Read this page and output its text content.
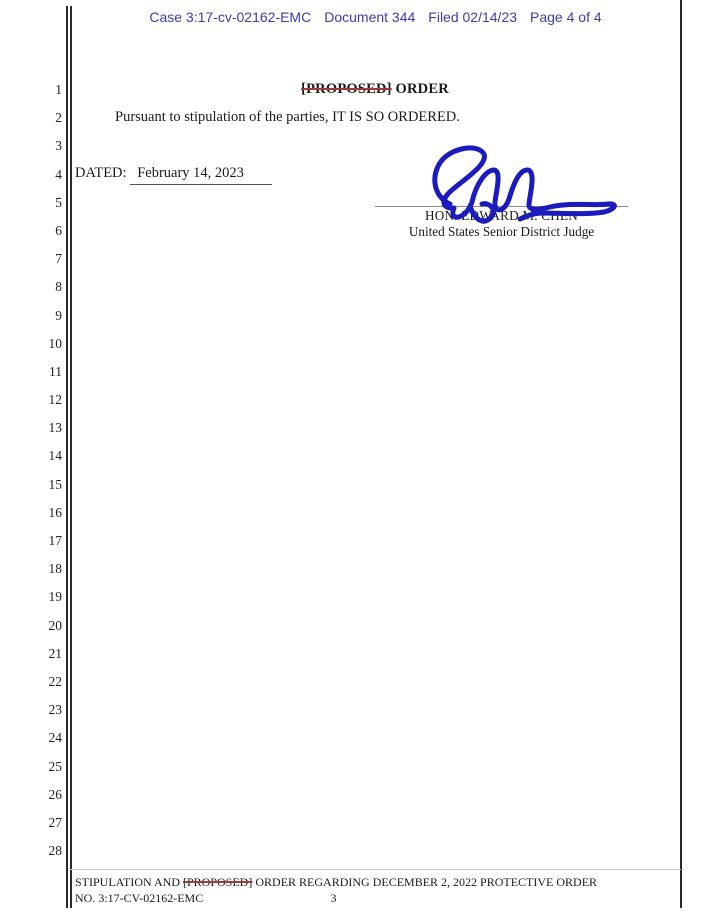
Case 3:17-cv-02162-EMC Document 344 Filed 02/14/23 Page 4 of 4
1
2
3
4
5
6
7
8
9
10
11
12
13
14
15
16
17
18
19
20
21
22
23
24
25
26
27
28
[PROPOSED] ORDER
Pursuant to stipulation of the parties, IT IS SO ORDERED.
DATED: February 14, 2023
HON. EDWARD M. CHEN
United States Senior District Judge
STIPULATION AND [PROPOSED] ORDER REGARDING DECEMBER 2, 2022 PROTECTIVE ORDER
NO. 3:17-CV-02162-EMC	3
